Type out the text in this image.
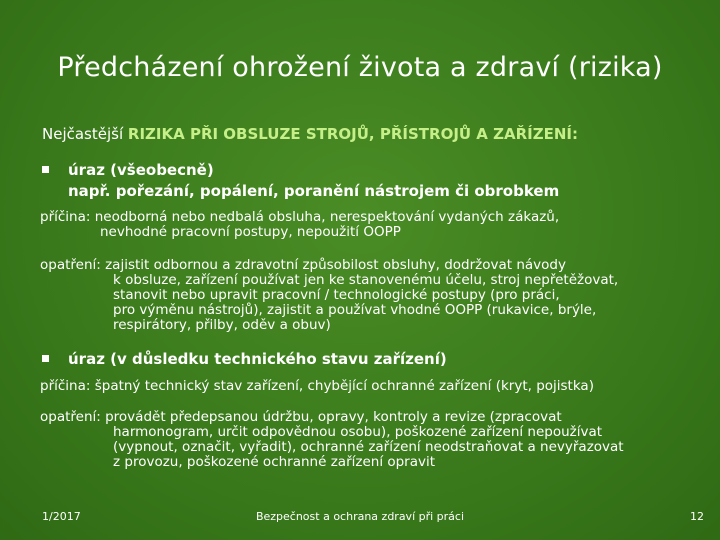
Předcházení ohrožení života a zdraví (rizika)
Nejčastější RIZIKA PŘI OBSLUZE STROJŮ, PŘÍSTROJŮ A ZAŘÍZENÍ:
úraz (všeobecně)
např. pořezání, popálení, poranění nástrojem či obrobkem
příčina: neodborná nebo nedbalá obsluha, nerespektování vydaných zákazů,
nevhodné pracovní postupy, nepoužití OOPP
opatření: zajistit odbornou a zdravotní způsobilost obsluhy, dodržovat návody
k obsluze, zařízení používat jen ke stanovenému účelu, stroj nepřetěžovat,
stanovit nebo upravit pracovní / technologické postupy (pro práci,
pro výměnu nástrojů), zajistit a používat vhodné OOPP (rukavice, brýle,
respirátory, přilby, oděv a obuv)
úraz (v důsledku technického stavu zařízení)
příčina: špatný technický stav zařízení, chybějící ochranné zařízení (kryt, pojistka)
opatření: provádět předepsanou údržbu, opravy, kontroly a revize (zpracovat
harmonogram, určit odpovědnou osobu), poškozené zařízení nepoužívat
(vypnout, označit, vyřadit), ochranné zařízení neodstraňovat a nevyřazovat
z provozu, poškozené ochranné zařízení opravit
1/2017	Bezpečnost a ochrana zdraví při práci	12
